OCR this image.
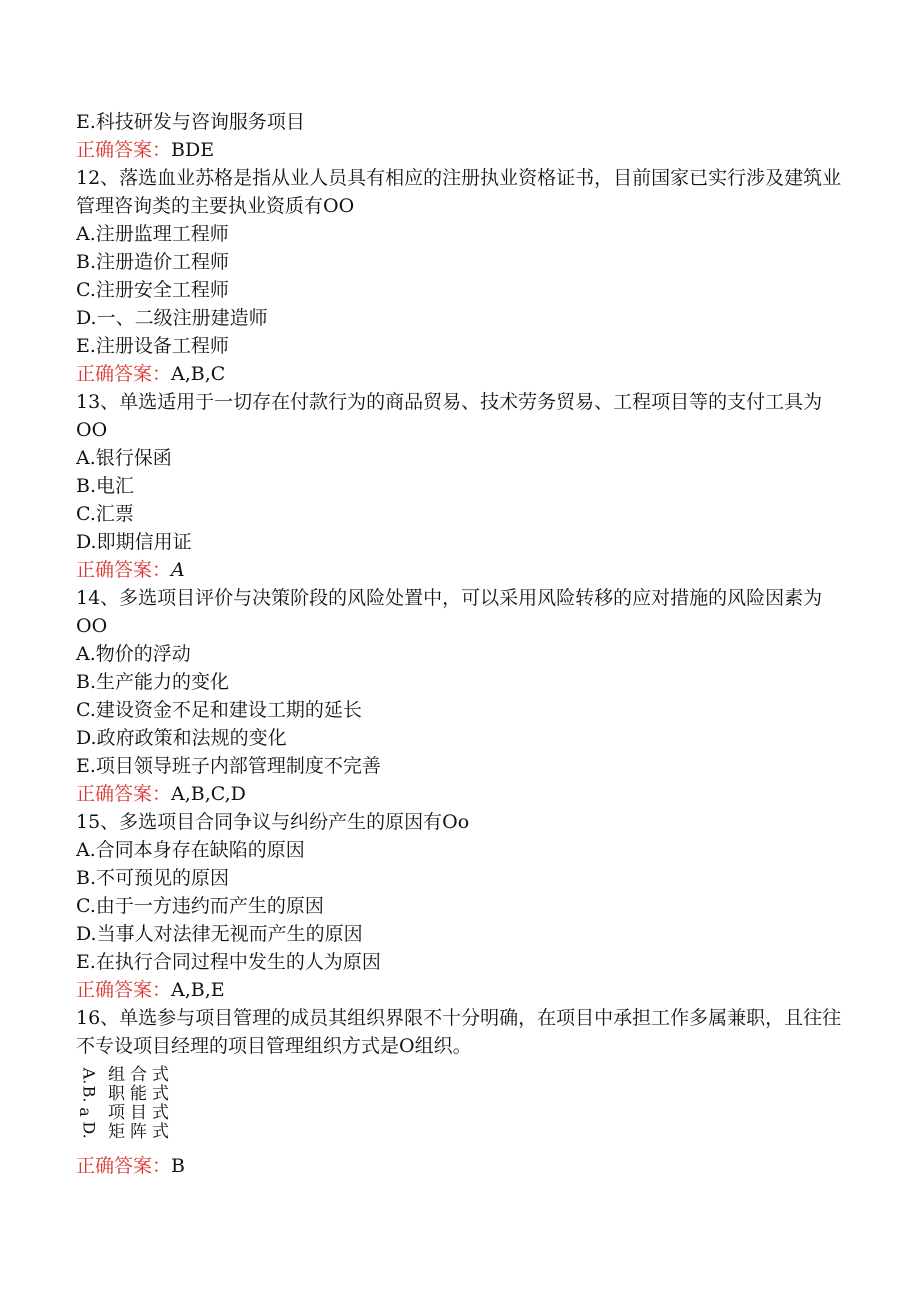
E.科技研发与咨询服务项目
正确答案：BDE
12、落选血业苏格是指从业人员具有相应的注册执业资格证书，目前国家已实行涉及建筑业管理咨询类的主要执业资质有OO
A.注册监理工程师
B.注册造价工程师
C.注册安全工程师
D.一、二级注册建造师
E.注册设备工程师
正确答案：A,B,C
13、单选适用于一切存在付款行为的商品贸易、技术劳务贸易、工程项目等的支付工具为OO
A.银行保函
B.电汇
C.汇票
D.即期信用证
正确答案：A
14、多选项目评价与决策阶段的风险处置中，可以采用风险转移的应对措施的风险因素为OO
A.物价的浮动
B.生产能力的变化
C.建设资金不足和建设工期的延长
D.政府政策和法规的变化
E.项目领导班子内部管理制度不完善
正确答案：A,B,C,D
15、多选项目合同争议与纠纷产生的原因有Oo
A.合同本身存在缺陷的原因
B.不可预见的原因
C.由于一方违约而产生的原因
D.当事人对法律无视而产生的原因
E.在执行合同过程中发生的人为原因
正确答案：A,B,E
16、单选参与项目管理的成员其组织界限不十分明确，在项目中承担工作多属兼职，且往往不专设项目经理的项目管理组织方式是O组织。
A.
B.
a
D.
组合式
职能式
项目式
矩阵式
正确答案：B
